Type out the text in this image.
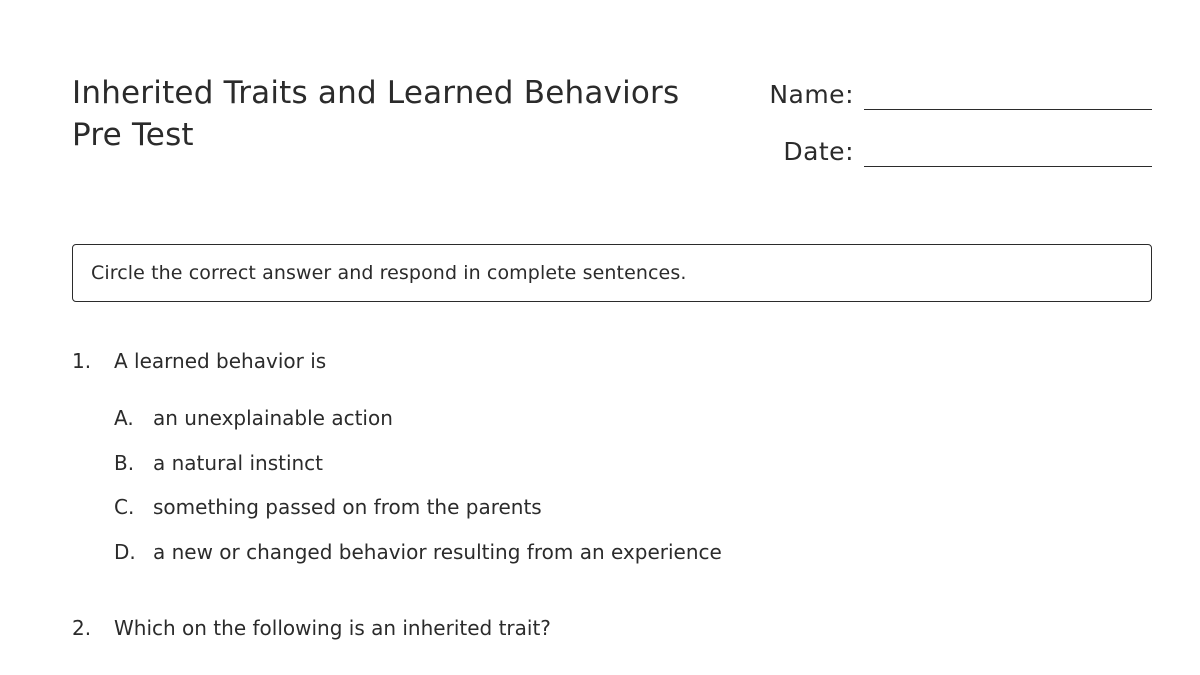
Inherited Traits and Learned Behaviors
Pre Test
Name:
Date:
Circle the correct answer and respond in complete sentences.
1.	A learned behavior is
A. an unexplainable action
B. a natural instinct
C. something passed on from the parents
D. a new or changed behavior resulting from an experience
2.	Which on the following is an inherited trait?
